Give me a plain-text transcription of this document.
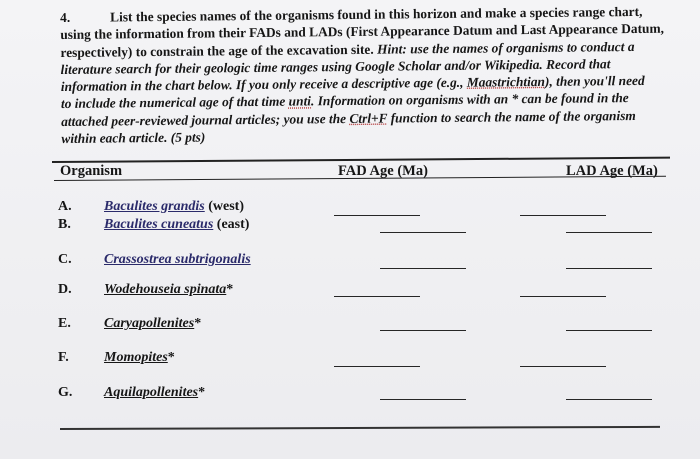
4.	List the species names of the organisms found in this horizon and make a species range chart,
using the information from their FADs and LADs (First Appearance Datum and Last Appearance Datum,
respectively) to constrain the age of the excavation site. Hint: use the names of organisms to conduct a
literature search for their geologic time ranges using Google Scholar and/or Wikipedia. Record that
information in the chart below. If you only receive a descriptive age (e.g., Maastrichtian), then you'll need
to include the numerical age of that time unti. Information on organisms with an * can be found in the
attached peer-reviewed journal articles; you use the Ctrl+F function to search the name of the organism
within each article. (5 pts)
Organism	FAD Age (Ma)	LAD Age (Ma)
A. Baculites grandis (west)
B. Baculites cuneatus (east)
C. Crassostrea subtrigonalis
D. Wodehouseia spinata*
E. Caryapollenites*
F.	Momopites*
G. Aquilapollenites*
